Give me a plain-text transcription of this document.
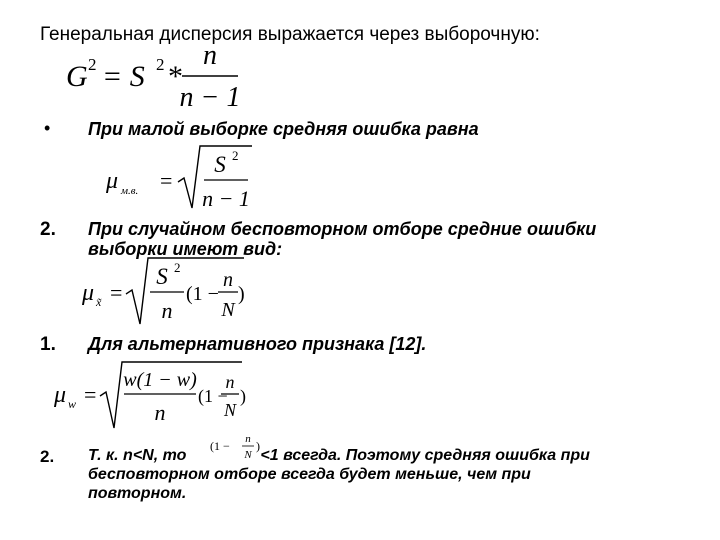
Генеральная дисперсия выражается через выборочную:
G 2 = S 2 *
n
n − 1
• При малой выборке средняя ошибка равна
μ м.в. =
S 2
n − 1
2. При случайном бесповторном отборе средние ошибки
выборки имеют вид:
μ x̃ =
S 2
n
(1 −
n
N
)
1. Для альтернативного признака [12].
μ w =
w(1 − w)
n
(1 −
n
N
)
2. Т. к. n<N, то	<1 всегда. Поэтому средняя ошибка при
бесповторном отборе всегда будет меньше, чем при
повторном.
(1 − n
N
)
